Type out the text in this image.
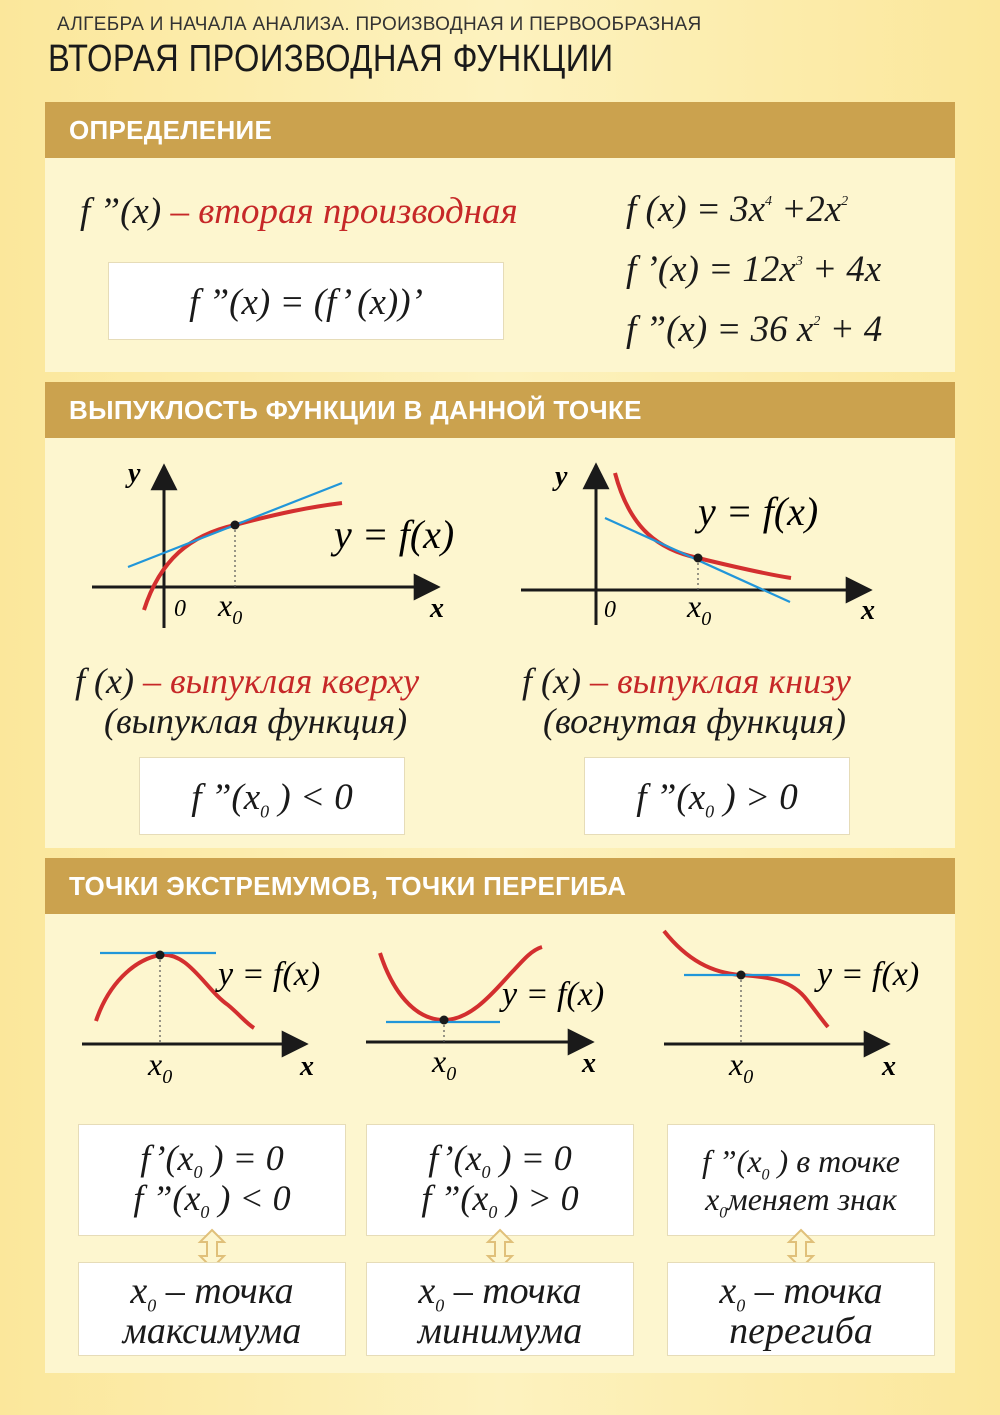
АЛГЕБРА И НАЧАЛА АНАЛИЗА. ПРОИЗВОДНАЯ И ПЕРВООБРАЗНАЯ
ВТОРАЯ ПРОИЗВОДНАЯ ФУНКЦИИ
ОПРЕДЕЛЕНИЕ
f ”(x) – вторая производная
f ”(x) = (f’ (x))’
f $(x) = 3x^4 +2x^2$
f ’(x) = $12x^3 + 4x$
f ”(x) = 36 $x^2 + 4$
ВЫПУКЛОСТЬ ФУНКЦИИ В ДАННОЙ ТОЧКЕ
y
x
0 $x_0$
y = f(x)
y
x
0 $x_0$
y = f(x)
f (x) – выпуклая кверху
(выпуклая функция)
f (x) – выпуклая книзу
(вогнутая функция)
f $”(x_0$ ) < 0	f $”(x_0$ ) > 0
ТОЧКИ ЭКСТРЕМУМОВ, ТОЧКИ ПЕРЕГИБА
y = f(x)
x
$x_0$
y = f(x)
x
$x_0$
y = f(x)
x
$x_0$
$f’(x_0$ ) = 0
f $”(x_0$ ) < 0
$f’(x_0$ ) = 0
f $”(x_0$ ) > 0
f $”(x_0$ ) в точке
$x_0меняет$ знак
$x_0$ – точка
максимума
$x_0$ – точка
минимума
$x_0$ – точка
перегиба
